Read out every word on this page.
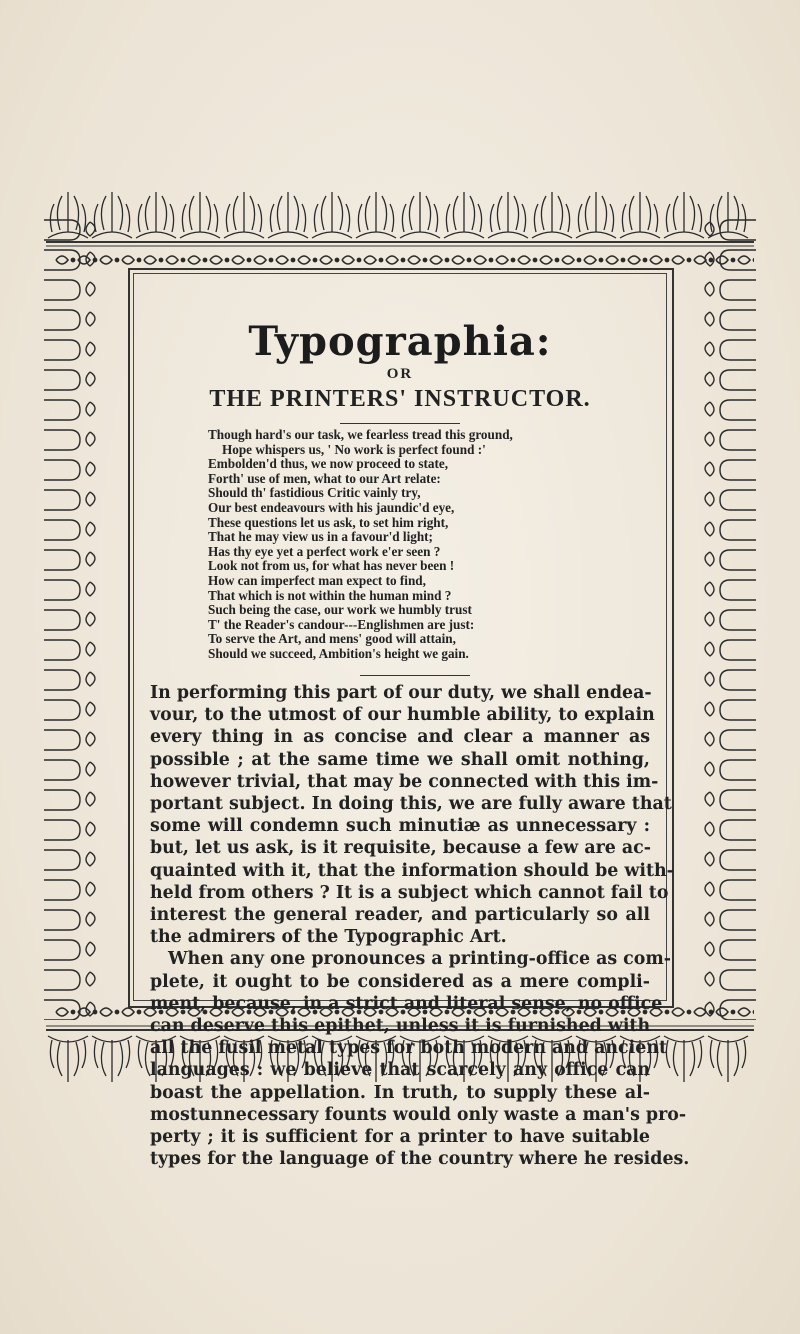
Typographia:
OR
THE PRINTERS' INSTRUCTOR.
Though hard's our task, we fearless tread this ground,
Hope whispers us, ' No work is perfect found :'
Embolden'd thus, we now proceed to state,
Forth' use of men, what to our Art relate:
Should th' fastidious Critic vainly try,
Our best endeavours with his jaundic'd eye,
These questions let us ask, to set him right,
That he may view us in a favour'd light;
Has thy eye yet a perfect work e'er seen ?
Look not from us, for what has never been !
How can imperfect man expect to find,
That which is not within the human mind ?
Such being the case, our work we humbly trust
T' the Reader's candour---Englishmen are just:
To serve the Art, and mens' good will attain,
Should we succeed, Ambition's height we gain.
In performing this part of our duty, we shall endea-
vour, to the utmost of our humble ability, to explain
every thing in as concise and clear a manner as
possible ; at the same time we shall omit nothing,
however trivial, that may be connected with this im-
portant subject. In doing this, we are fully aware that
some will condemn such minutiæ as unnecessary :
but, let us ask, is it requisite, because a few are ac-
quainted with it, that the information should be with-
held from others ? It is a subject which cannot fail to
interest the general reader, and particularly so all
the admirers of the Typographic Art.
When any one pronounces a printing-office as com-
plete, it ought to be considered as a mere compli-
ment, because, in a strict and literal sense, no office
can deserve this epithet, unless it is furnished with
all the fusil metal types for both modern and ancient
languages : we believe that scarcely any office can
boast the appellation. In truth, to supply these al-
mostunnecessary founts would only waste a man's pro-
perty ; it is sufficient for a printer to have suitable
types for the language of the country where he resides.
